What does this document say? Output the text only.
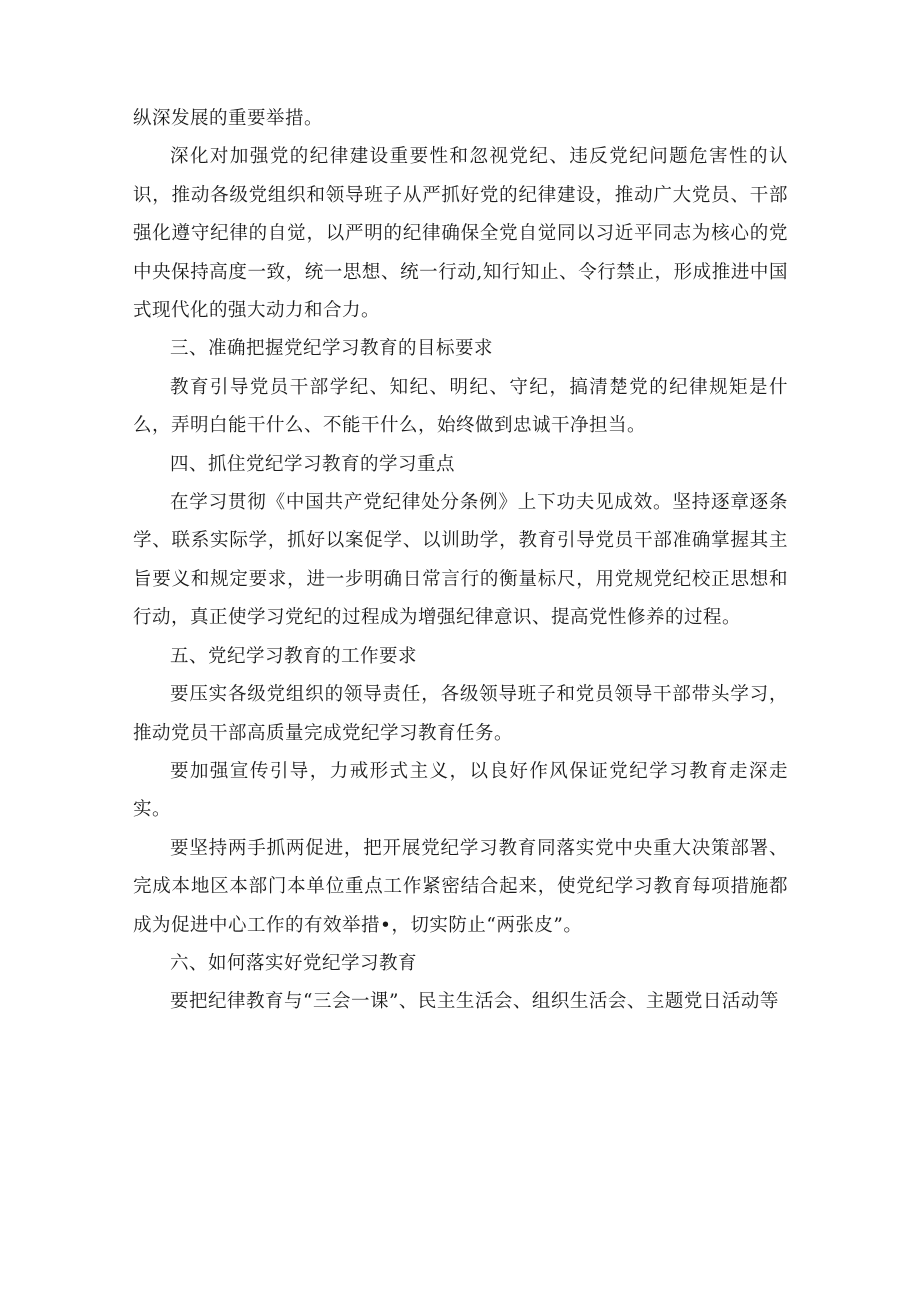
纵深发展的重要举措。

深化对加强党的纪律建设重要性和忽视党纪、违反党纪问题危害性的认识，推动各级党组织和领导班子从严抓好党的纪律建设，推动广大党员、干部强化遵守纪律的自觉，以严明的纪律确保全党自觉同以习近平同志为核心的党中央保持高度一致，统一思想、统一行动,知行知止、令行禁止，形成推进中国式现代化的强大动力和合力。

三、准确把握党纪学习教育的目标要求

教育引导党员干部学纪、知纪、明纪、守纪，搞清楚党的纪律规矩是什么，弄明白能干什么、不能干什么，始终做到忠诚干净担当。

四、抓住党纪学习教育的学习重点

在学习贯彻《中国共产党纪律处分条例》上下功夫见成效。坚持逐章逐条学、联系实际学，抓好以案促学、以训助学，教育引导党员干部准确掌握其主旨要义和规定要求，进一步明确日常言行的衡量标尺，用党规党纪校正思想和行动，真正使学习党纪的过程成为增强纪律意识、提高党性修养的过程。

五、党纪学习教育的工作要求

要压实各级党组织的领导责任，各级领导班子和党员领导干部带头学习，推动党员干部高质量完成党纪学习教育任务。

要加强宣传引导，力戒形式主义，以良好作风保证党纪学习教育走深走实。

要坚持两手抓两促进，把开展党纪学习教育同落实党中央重大决策部署、完成本地区本部门本单位重点工作紧密结合起来，使党纪学习教育每项措施都成为促进中心工作的有效举措•，切实防止“两张皮”。

六、如何落实好党纪学习教育

要把纪律教育与“三会一课”、民主生活会、组织生活会、主题党日活动等
